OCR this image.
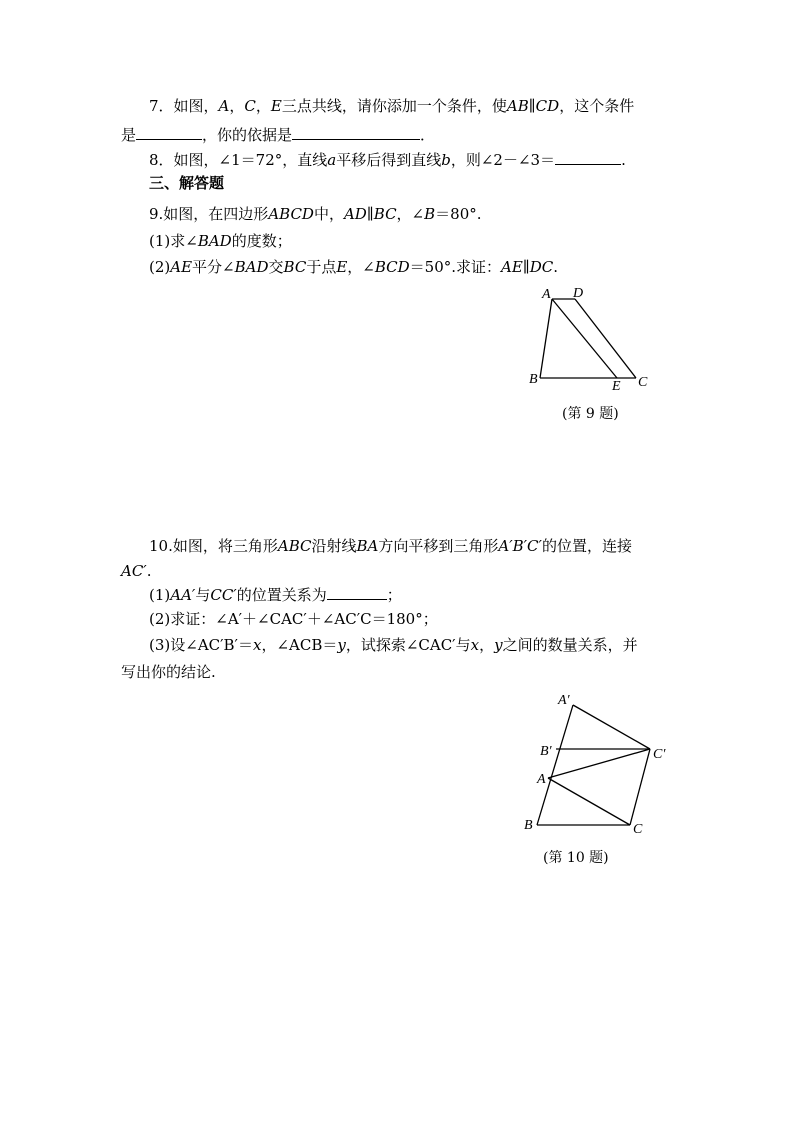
7．如图，A，C，E三点共线，请你添加一个条件，使AB∥CD，这个条件
是	，你的依据是	．
8．如图，∠1＝72°，直线a平移后得到直线b，则∠2－∠3＝	.
三、解答题
9.如图，在四边形ABCD中，AD∥BC，∠B＝80°.
(1)求∠BAD的度数；
(2)AE平分∠BAD交BC于点E，∠BCD＝50°.求证：AE∥DC.
A D
B	E C
(第 9 题)
10.如图，将三角形ABC沿射线BA方向平移到三角形A′B′C′的位置，连接
AC′.
(1)AA′与CC′的位置关系为	；
(2)求证：∠A′＋∠CAC′＋∠AC′C＝180°；
(3)设∠AC′B′＝x，∠ACB＝y，试探索∠CAC′与x，y之间的数量关系，并
写出你的结论.
A′
B′	C′
A
B	C
(第 10 题)
